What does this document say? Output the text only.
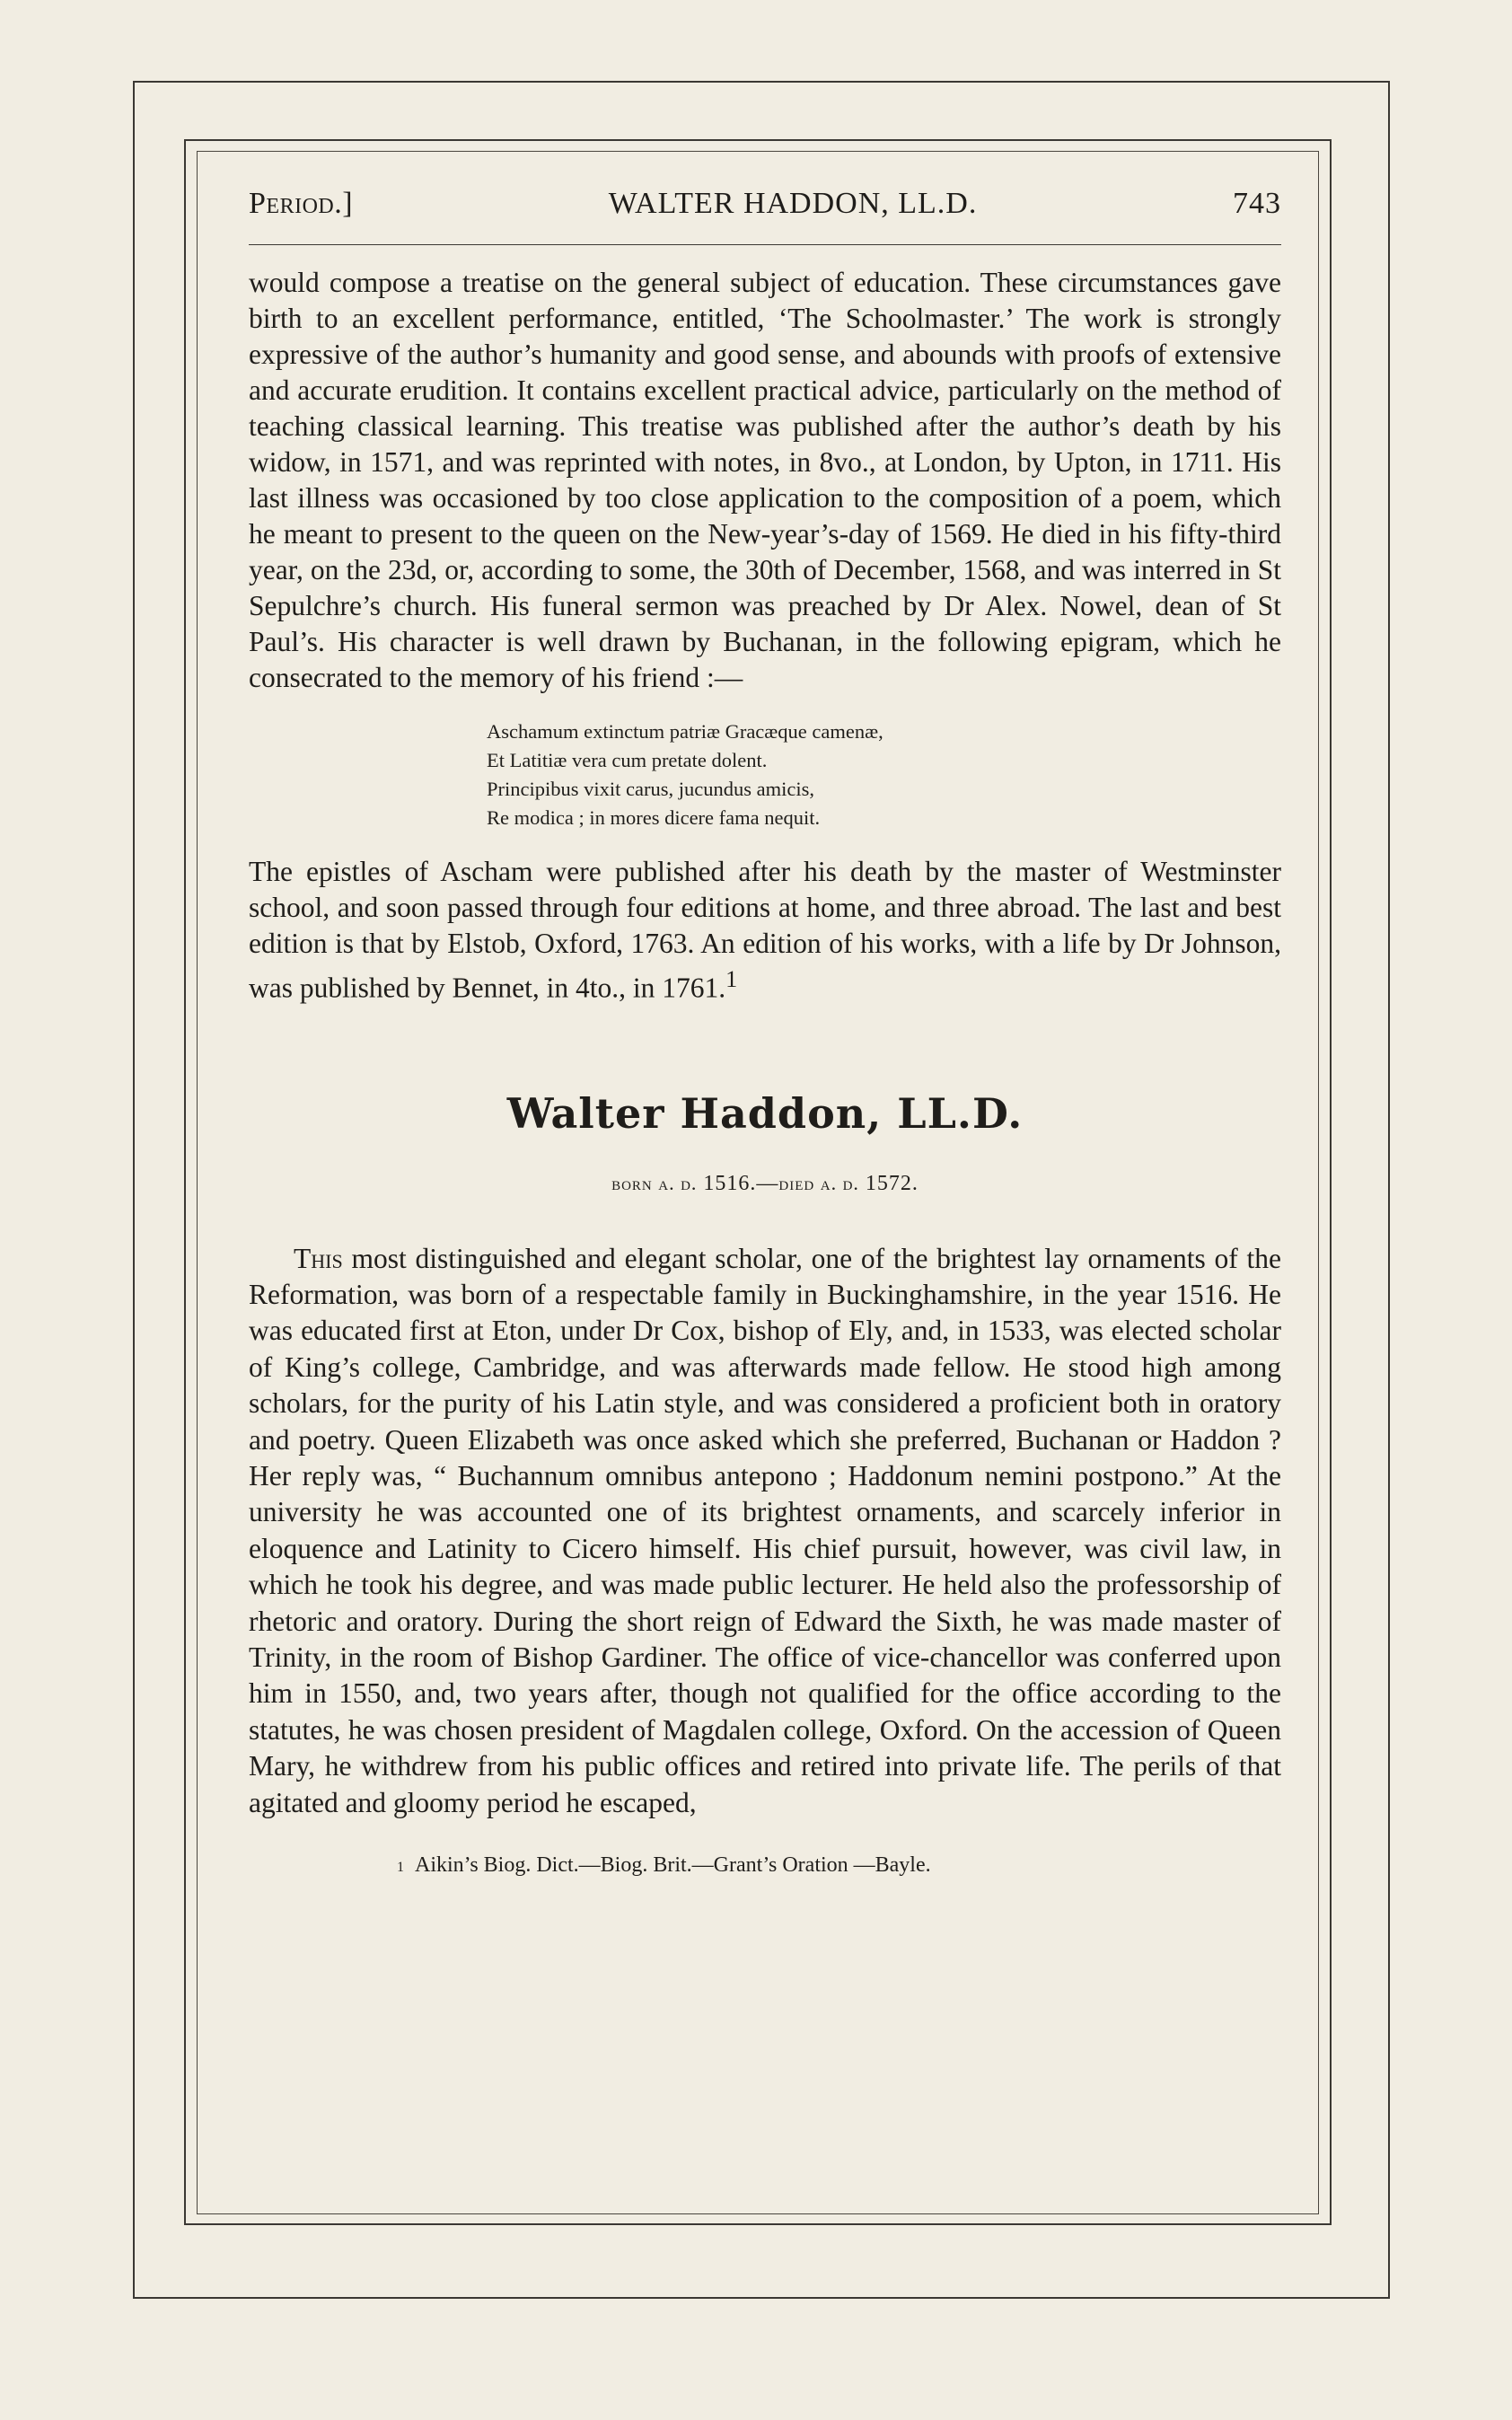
Period.]	WALTER HADDON, LL.D.	743

would compose a treatise on the general subject of education. These circumstances gave birth to an excellent performance, entitled, ‘The Schoolmaster.’ The work is strongly expressive of the author’s humanity and good sense, and abounds with proofs of extensive and accurate erudition. It contains excellent practical advice, particularly on the method of teaching classical learning. This treatise was published after the author’s death by his widow, in 1571, and was reprinted with notes, in 8vo., at London, by Upton, in 1711. His last illness was occasioned by too close application to the composition of a poem, which he meant to present to the queen on the New-year’s-day of 1569. He died in his fifty-third year, on the 23d, or, according to some, the 30th of December, 1568, and was interred in St Sepulchre’s church. His funeral sermon was preached by Dr Alex. Nowel, dean of St Paul’s. His character is well drawn by Buchanan, in the following epigram, which he consecrated to the memory of his friend :—

Aschamum extinctum patriæ Gracæque camenæ,
Et Latitiæ vera cum pretate dolent.
Principibus vixit carus, jucundus amicis,
Re modica ; in mores dicere fama nequit.

The epistles of Ascham were published after his death by the master of Westminster school, and soon passed through four editions at home, and three abroad. The last and best edition is that by Elstob, Oxford, 1763. An edition of his works, with a life by Dr Johnson, was published by Bennet, in 4to., in 1761.$^1$

Walter Haddon, LL.D.
born a. d. 1516.—died a. d. 1572.

This most distinguished and elegant scholar, one of the brightest lay ornaments of the Reformation, was born of a respectable family in Buckinghamshire, in the year 1516. He was educated first at Eton, under Dr Cox, bishop of Ely, and, in 1533, was elected scholar of King’s college, Cambridge, and was afterwards made fellow. He stood high among scholars, for the purity of his Latin style, and was considered a proficient both in oratory and poetry. Queen Elizabeth was once asked which she preferred, Buchanan or Haddon ? Her reply was, “ Buchannum omnibus antepono ; Haddonum nemini postpono.” At the university he was accounted one of its brightest ornaments, and scarcely inferior in eloquence and Latinity to Cicero himself. His chief pursuit, however, was civil law, in which he took his degree, and was made public lecturer. He held also the professorship of rhetoric and oratory. During the short reign of Edward the Sixth, he was made master of Trinity, in the room of Bishop Gardiner. The office of vice-chancellor was conferred upon him in 1550, and, two years after, though not qualified for the office according to the statutes, he was chosen president of Magdalen college, Oxford. On the accession of Queen Mary, he withdrew from his public offices and retired into private life. The perils of that agitated and gloomy period he escaped,

1 Aikin’s Biog. Dict.—Biog. Brit.—Grant’s Oration —Bayle.
